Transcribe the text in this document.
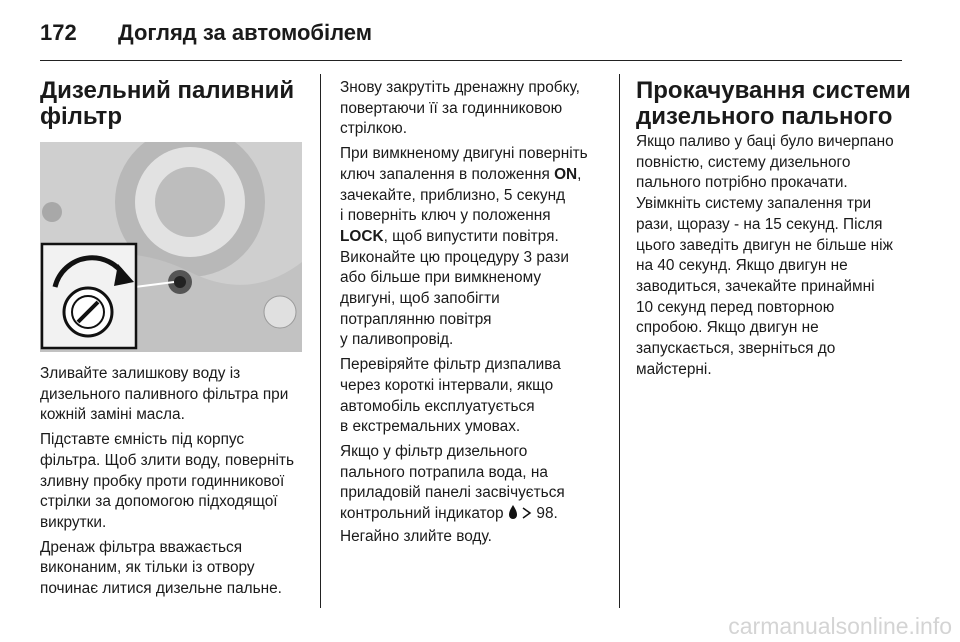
172 Догляд за автомобілем
Дизельний паливний
фільтр

Зливайте залишкову воду із
дизельного паливного фільтра при
кожній заміні масла.

Підставте ємність під корпус
фільтра. Щоб злити воду, поверніть
зливну пробку проти годинникової
стрілки за допомогою підходящої
викрутки.

Дренаж фільтра вважається
виконаним, як тільки із отвору
починає литися дизельне пальне.

Знову закрутіть дренажну пробку,
повертаючи її за годинниковою
стрілкою.

При вимкненому двигуні поверніть
ключ запалення в положення ON,
зачекайте, приблизно, 5 секунд
і поверніть ключ у положення
LOCK, щоб випустити повітря.
Виконайте цю процедуру 3 рази
або більше при вимкненому
двигуні, щоб запобігти
потраплянню повітря
у паливопровід.

Перевіряйте фільтр дизпалива
через короткі інтервали, якщо
автомобіль експлуатується
в екстремальних умовах.

Якщо у фільтр дизельного
пального потрапила вода, на
приладовій панелі засвічується
контрольний індикатор   98.
Негайно злийте воду.

Прокачування системи
дизельного пального

Якщо паливо у баці було вичерпано
повністю, систему дизельного
пального потрібно прокачати.
Увімкніть систему запалення три
рази, щоразу - на 15 секунд. Після
цього заведіть двигун не більше ніж
на 40 секунд. Якщо двигун не
заводиться, зачекайте принаймні
10 секунд перед повторною
спробою. Якщо двигун не
запускається, зверніться до
майстерні.

carmanualsonline.info
